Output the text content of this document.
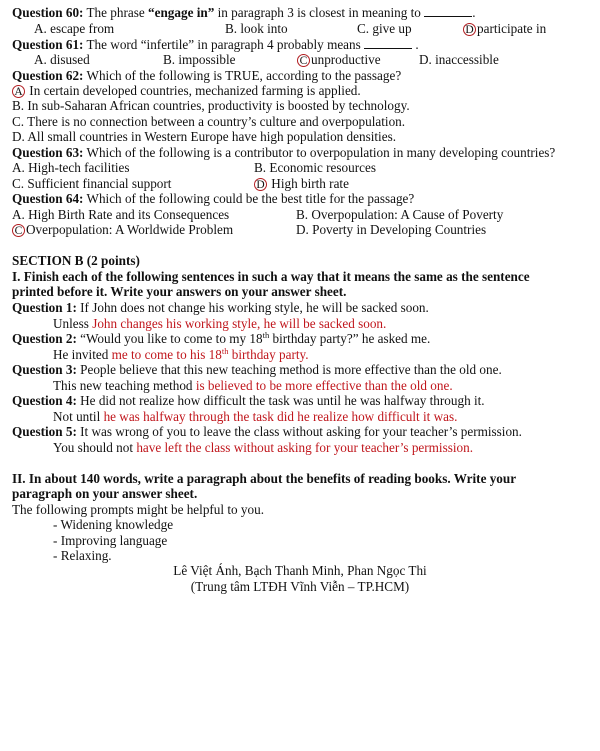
Question 60: The phrase “engage in” in paragraph 3 is closest in meaning to	.
A. escape from	B. look into	C. give up	D participate in
Question 61: The word “infertile” in paragraph 4 probably means	.
A. disused	B. impossible	C unproductive	D. inaccessible
Question 62: Which of the following is TRUE, according to the passage?
A In certain developed countries, mechanized farming is applied.
B. In sub-Saharan African countries, productivity is boosted by technology.
C. There is no connection between a country’s culture and overpopulation.
D. All small countries in Western Europe have high population densities.
Question 63: Which of the following is a contributor to overpopulation in many developing countries?
A. High-tech facilities	B. Economic resources
C. Sufficient financial support	D High birth rate
Question 64: Which of the following could be the best title for the passage?
A. High Birth Rate and its Consequences	B. Overpopulation: A Cause of Poverty
C Overpopulation: A Worldwide Problem	D. Poverty in Developing Countries
SECTION B (2 points)
I. Finish each of the following sentences in such a way that it means the same as the sentence
printed before it. Write your answers on your answer sheet.
Question 1: If John does not change his working style, he will be sacked soon.
Unless John changes his working style, he will be sacked soon.
Question 2: “Would you like to come to my 18th birthday party?” he asked me.
He invited me to come to his 18th birthday party.
Question 3: People believe that this new teaching method is more effective than the old one.
This new teaching method is believed to be more effective than the old one.
Question 4: He did not realize how difficult the task was until he was halfway through it.
Not until he was halfway through the task did he realize how difficult it was.
Question 5: It was wrong of you to leave the class without asking for your teacher’s permission.
You should not have left the class without asking for your teacher’s permission.
II. In about 140 words, write a paragraph about the benefits of reading books. Write your
paragraph on your answer sheet.
The following prompts might be helpful to you.
- Widening knowledge
- Improving language
- Relaxing.
Lê Việt Ánh, Bạch Thanh Minh, Phan Ngọc Thi
(Trung tâm LTĐH Vĩnh Viễn – TP.HCM)
